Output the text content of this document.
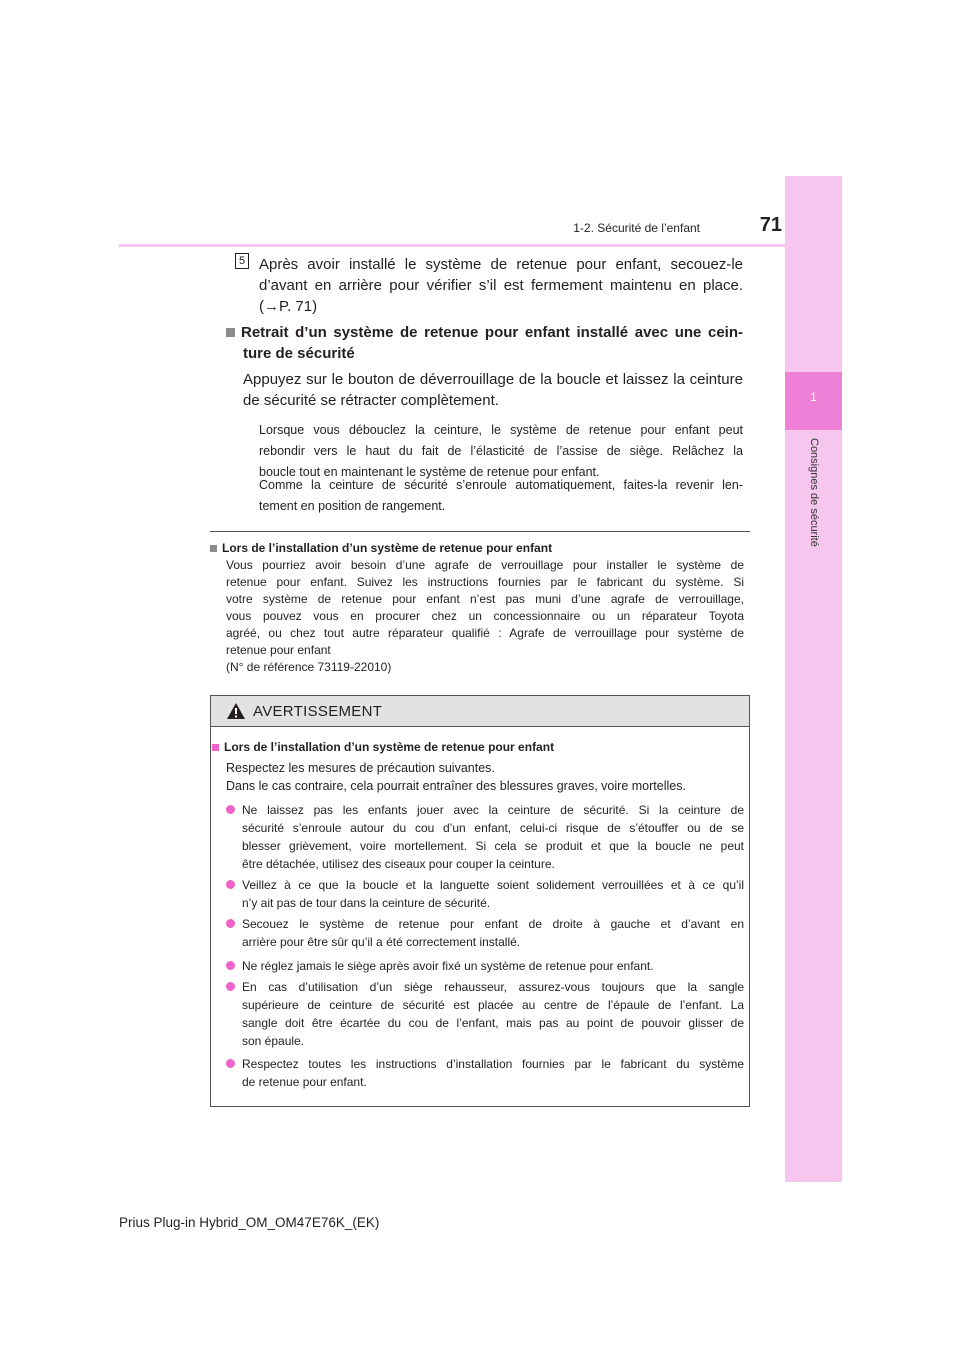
1
Consignes de sécurité
1-2. Sécurité de l’enfant	71
5 Après avoir installé le système de retenue pour enfant, secouez-le
d’avant en arrière pour vérifier s’il est fermement maintenu en place.
(→P. 71)
Retrait d’un système de retenue pour enfant installé avec une cein-
ture de sécurité
Appuyez sur le bouton de déverrouillage de la boucle et laissez la ceinture
de sécurité se rétracter complètement.
Lorsque vous débouclez la ceinture, le système de retenue pour enfant peut
rebondir vers le haut du fait de l’élasticité de l’assise de siège. Relâchez la
boucle tout en maintenant le système de retenue pour enfant.
Comme la ceinture de sécurité s’enroule automatiquement, faites-la revenir len-
tement en position de rangement.
Lors de l’installation d’un système de retenue pour enfant
Vous pourriez avoir besoin d’une agrafe de verrouillage pour installer le système de
retenue pour enfant. Suivez les instructions fournies par le fabricant du système. Si
votre système de retenue pour enfant n’est pas muni d’une agrafe de verrouillage,
vous pouvez vous en procurer chez un concessionnaire ou un réparateur Toyota
agréé, ou chez tout autre réparateur qualifié : Agrafe de verrouillage pour système de
retenue pour enfant
(N° de référence 73119-22010)
AVERTISSEMENT
Lors de l’installation d’un système de retenue pour enfant
Respectez les mesures de précaution suivantes.
Dans le cas contraire, cela pourrait entraîner des blessures graves, voire mortelles.
Ne laissez pas les enfants jouer avec la ceinture de sécurité. Si la ceinture de
sécurité s’enroule autour du cou d’un enfant, celui-ci risque de s’étouffer ou de se
blesser grièvement, voire mortellement. Si cela se produit et que la boucle ne peut
être détachée, utilisez des ciseaux pour couper la ceinture.
Veillez à ce que la boucle et la languette soient solidement verrouillées et à ce qu’il
n’y ait pas de tour dans la ceinture de sécurité.
Secouez le système de retenue pour enfant de droite à gauche et d’avant en
arrière pour être sûr qu’il a été correctement installé.
Ne réglez jamais le siège après avoir fixé un système de retenue pour enfant.
En cas d’utilisation d’un siège rehausseur, assurez-vous toujours que la sangle
supérieure de ceinture de sécurité est placée au centre de l’épaule de l’enfant. La
sangle doit être écartée du cou de l’enfant, mais pas au point de pouvoir glisser de
son épaule.
Respectez toutes les instructions d’installation fournies par le fabricant du système
de retenue pour enfant.
Prius Plug-in Hybrid_OM_OM47E76K_(EK)
